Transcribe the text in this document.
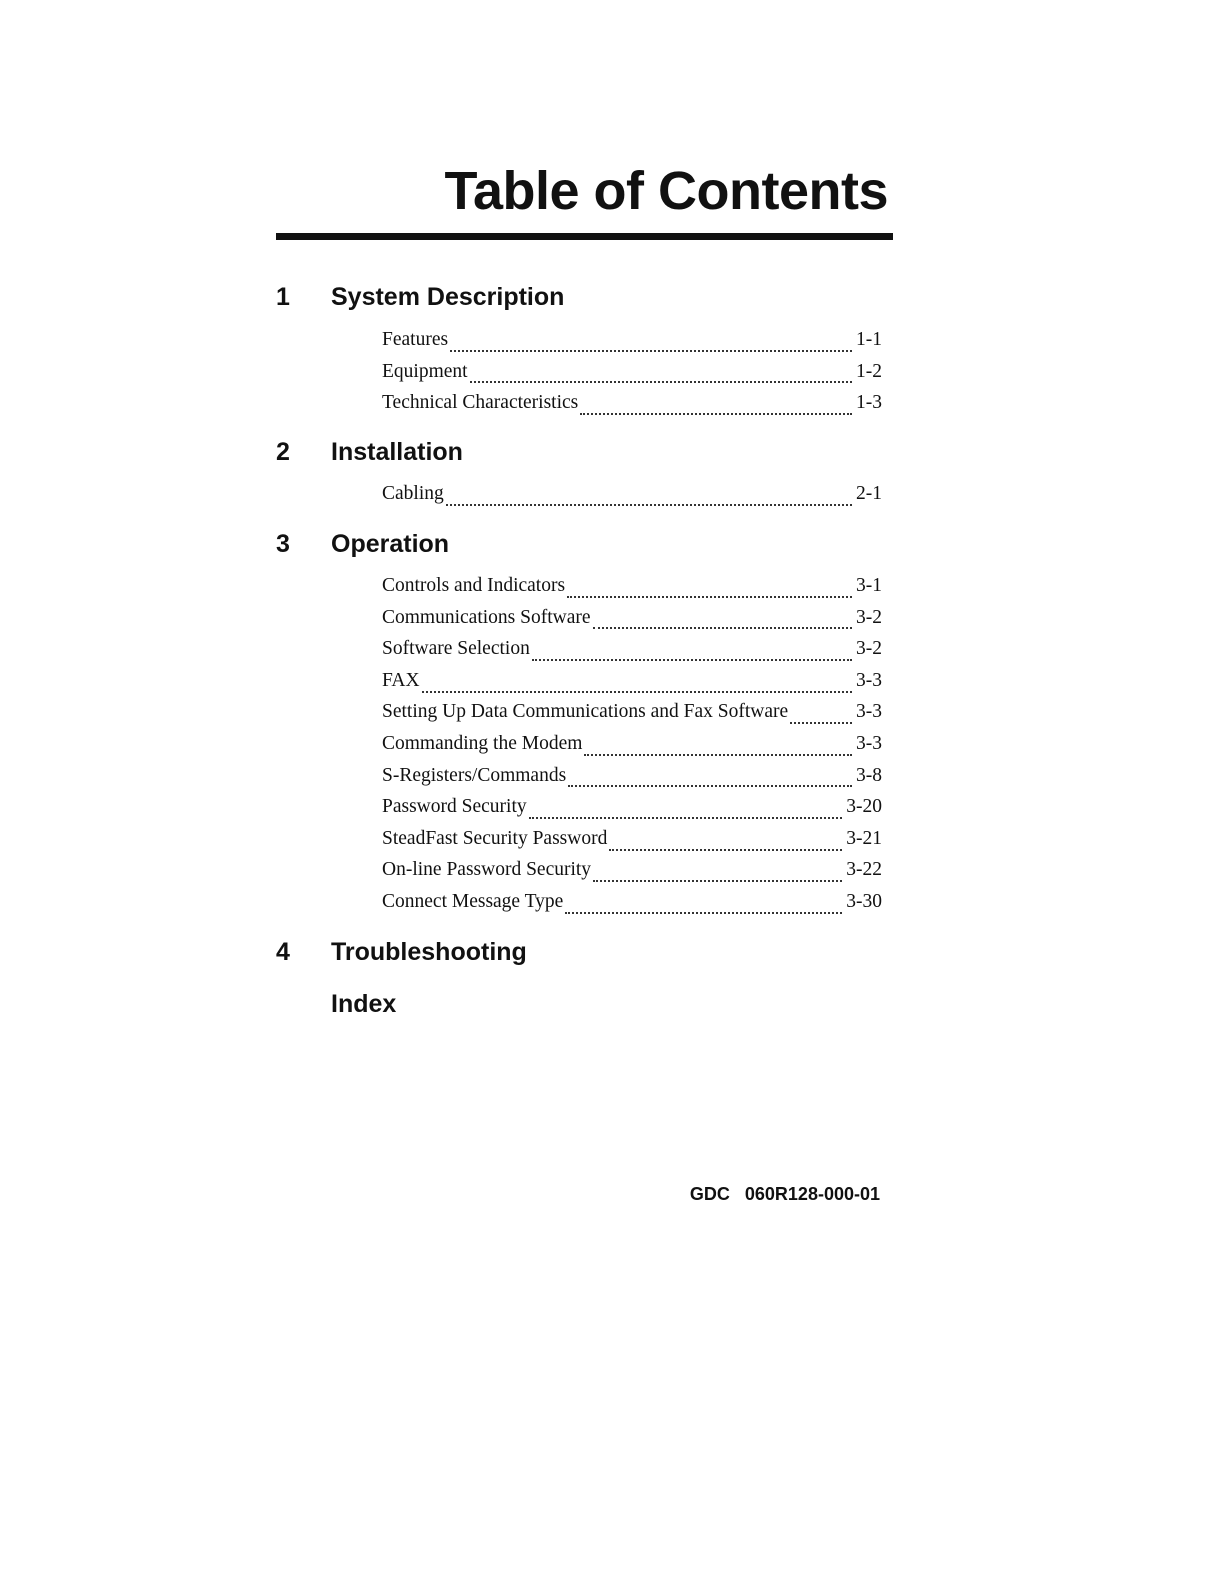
Table of Contents
1 System Description
Features	1-1
Equipment	1-2
Technical Characteristics	1-3
2 Installation
Cabling	2-1
3 Operation
Controls and Indicators	3-1
Communications Software	3-2
Software Selection	3-2
FAX	3-3
Setting Up Data Communications and Fax Software	3-3
Commanding the Modem	3-3
S-Registers/Commands	3-8
Password Security	3-20
SteadFast Security Password	3-21
On-line Password Security	3-22
Connect Message Type	3-30
4 Troubleshooting
Index
GDC 060R128-000-01
